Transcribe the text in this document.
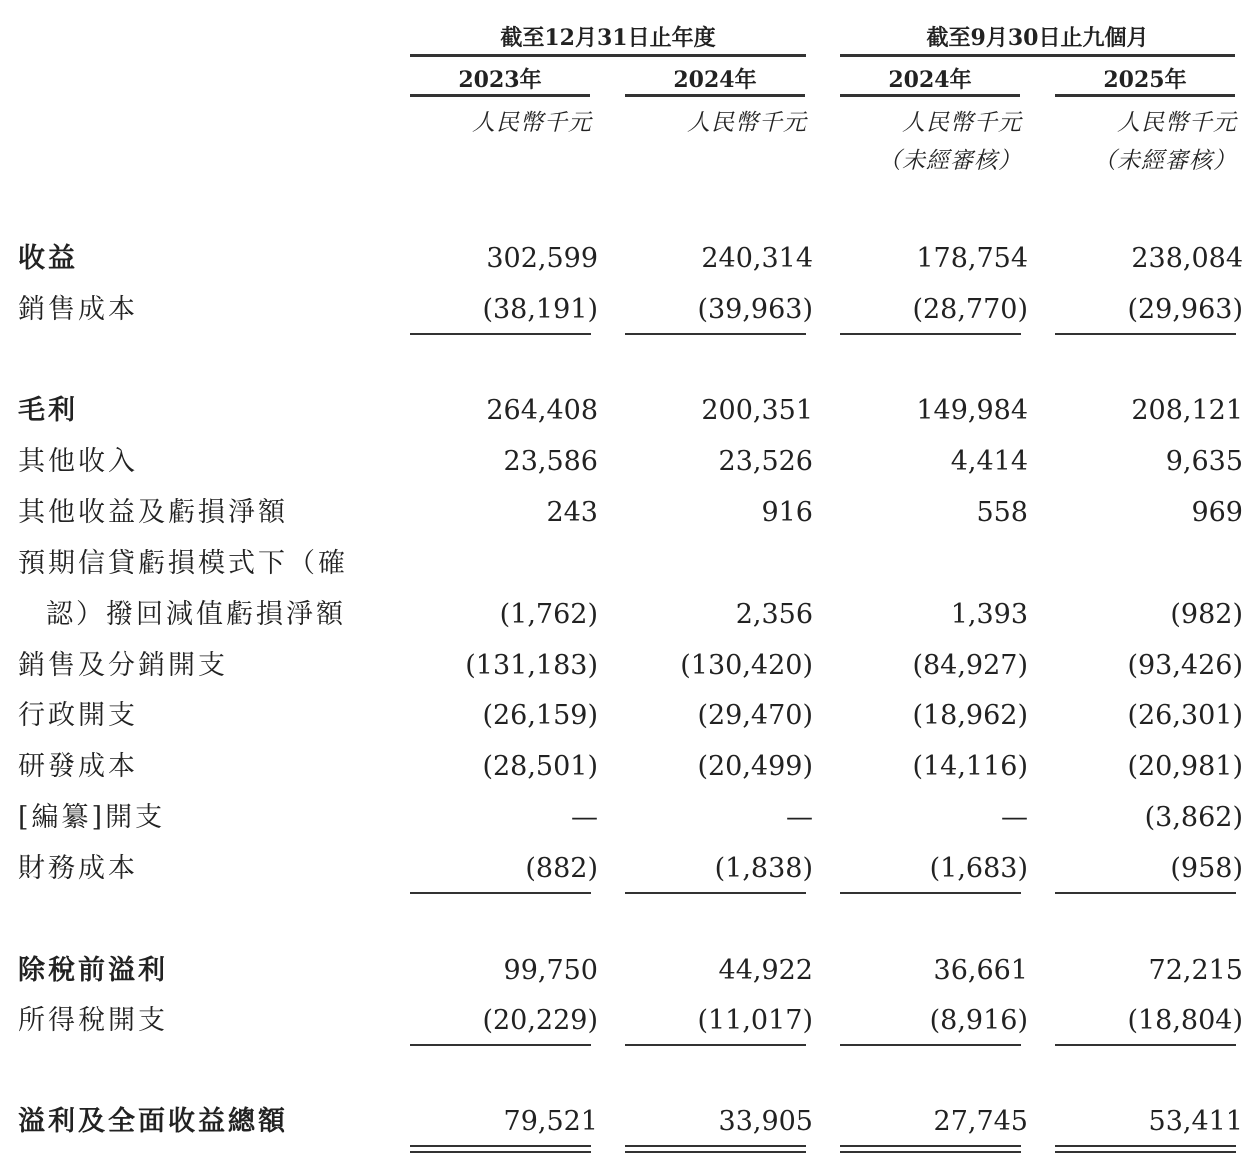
截至12月31日止年度	截至9月30日止九個月
2023年	2024年	2024年	2025年
人民幣千元	人民幣千元	人民幣千元	人民幣千元
（未經審核）	（未經審核）
收益	302,599	240,314	178,754	238,084
銷售成本	(38,191)	(39,963)	(28,770)	(29,963)
毛利	264,408	200,351	149,984	208,121
其他收入	23,586	23,526	4,414	9,635
其他收益及虧損淨額	243	916	558	969
預期信貸虧損模式下（確
認）撥回減值虧損淨額	(1,762)	2,356	1,393	(982)
銷售及分銷開支	(131,183)	(130,420)	(84,927)	(93,426)
行政開支	(26,159)	(29,470)	(18,962)	(26,301)
研發成本	(28,501)	(20,499)	(14,116)	(20,981)
[編纂]開支	—	—	—	(3,862)
財務成本	(882)	(1,838)	(1,683)	(958)
除稅前溢利	99,750	44,922	36,661	72,215
所得稅開支	(20,229)	(11,017)	(8,916)	(18,804)
溢利及全面收益總額	79,521	33,905	27,745	53,411
